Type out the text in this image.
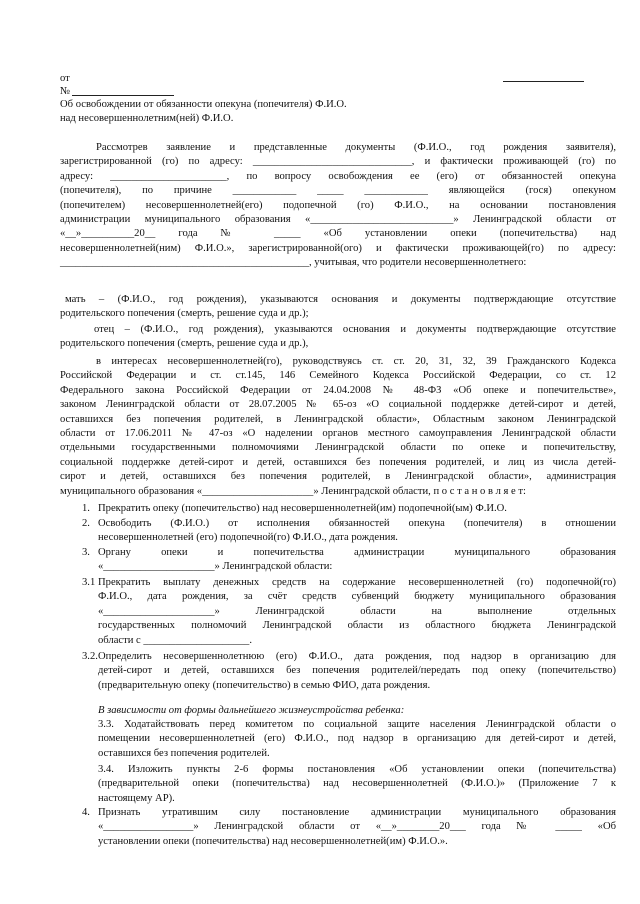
от
№
Об освобождении от обязанности опекуна (попечителя) Ф.И.О.
над несовершеннолетним(ней) Ф.И.О.
Рассмотрев заявление и представленные документы (Ф.И.О., год рождения заявителя),
зарегистрированной (го) по адресу: ______________________________, и фактически проживающей (го) по
адресу: ______________________, по вопросу освобождения ее (его) от обязанностей опекуна
(попечителя), по причине ____________ _____ ____________ являющейся (гося) опекуном
(попечителем) несовершеннолетней(его) подопечной (го) Ф.И.О., на основании постановления
администрации муниципального образования «___________________________» Ленинградской области от
«__»__________20__ года № _____ «Об установлении опеки (попечительства) над
несовершеннолетней(ним) Ф.И.О.», зарегистрированной(ого) и фактически проживающей(го) по адресу:
_______________________________________________, учитывая, что родители несовершеннолетнего:
мать – (Ф.И.О., год рождения), указываются основания и документы подтверждающие отсутствие
родительского попечения (смерть, решение суда и др.);
отец – (Ф.И.О., год рождения), указываются основания и документы подтверждающие отсутствие
родительского попечения (смерть, решение суда и др.),
в интересах несовершеннолетней(го), руководствуясь ст. ст. 20, 31, 32, 39 Гражданского Кодекса
Российской Федерации и ст. ст.145, 146 Семейного Кодекса Российской Федерации, со ст. 12
Федерального закона Российской Федерации от 24.04.2008 № 48-ФЗ «Об опеке и попечительстве»,
законом Ленинградской области от 28.07.2005 № 65-оз «О социальной поддержке детей-сирот и детей,
оставшихся без попечения родителей, в Ленинградской области», Областным законом Ленинградской
области от 17.06.2011 № 47-оз «О наделении органов местного самоуправления Ленинградской области
отдельными государственными полномочиями Ленинградской области по опеке и попечительству,
социальной поддержке детей-сирот и детей, оставшихся без попечения родителей, и лиц из числа детей-
сирот и детей, оставшихся без попечения родителей, в Ленинградской области», администрация
муниципального образования «_____________________» Ленинградской области, п о с т а н о в л я е т:
1. Прекратить опеку (попечительство) над несовершеннолетней(им) подопечной(ым) Ф.И.О.
2. Освободить (Ф.И.О.) от исполнения обязанностей опекуна (попечителя) в отношении
несовершеннолетней (его) подопечной(го) Ф.И.О., дата рождения.
3. Органу опеки и попечительства администрации муниципального образования
«_____________________» Ленинградской области:
3.1 Прекратить выплату денежных средств на содержание несовершеннолетней (го) подопечной(го)
Ф.И.О., дата рождения, за счёт средств субвенций бюджету муниципального образования
«_____________________» Ленинградской области на выполнение отдельных
государственных полномочий Ленинградской области из областного бюджета Ленинградской
области с ____________________.
3.2. Определить несовершеннолетнюю (его) Ф.И.О., дата рождения, под надзор в организацию для
детей-сирот и детей, оставшихся без попечения родителей/передать под опеку (попечительство)
(предварительную опеку (попечительство) в семью ФИО, дата рождения.
В зависимости от формы дальнейшего жизнеустройства ребенка:
3.3. Ходатайствовать перед комитетом по социальной защите населения Ленинградской области о
помещении несовершеннолетней (его) Ф.И.О., под надзор в организацию для детей-сирот и детей,
оставшихся без попечения родителей.
3.4. Изложить пункты 2-6 формы постановления «Об установлении опеки (попечительства)
(предварительной опеки (попечительства) над несовершеннолетней (Ф.И.О.)» (Приложение 7 к
настоящему АР).
4. Признать утратившим силу постановление администрации муниципального образования
«_________________» Ленинградской области от «__»________20___ года № _____ «Об
установлении опеки (попечительства) над несовершеннолетней(им) Ф.И.О.».
